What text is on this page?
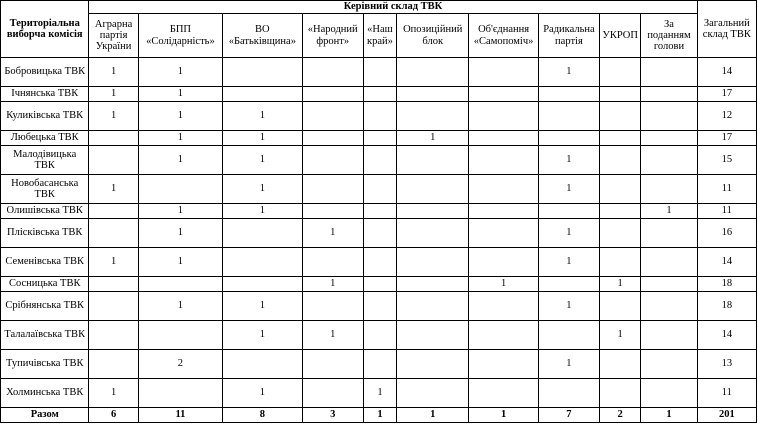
Територіальна виборча комісія	Керівний склад ТВК										Загальний склад ТВК
	Аграрна партія України	БПП «Солідарність»	ВО «Батьківщина»	«Народний фронт»	«Наш край»	Опозиційний блок	Об'єднання «Самопоміч»	Радикальна партія	УКРОП	За поданням голови	
Бобровицька ТВК	1	1						1			14
Ічнянська ТВК	1	1									17
Куликівська ТВК	1	1	1								12
Любецька ТВК		1	1			1					17
Малодівицька ТВК		1	1					1			15
Новобасанська ТВК	1		1					1			11
Олишівська ТВК		1	1							1	11
Плісківська ТВК		1		1				1			16
Семенівська ТВК	1	1						1			14
Сосницька ТВК				1			1		1		18
Срібнянська ТВК		1	1					1			18
Талалаївська ТВК			1	1					1		14
Тупичівська ТВК		2						1			13
Холминська ТВК	1		1		1						11
Разом	6	11	8	3	1	1	1	7	2	1	201
